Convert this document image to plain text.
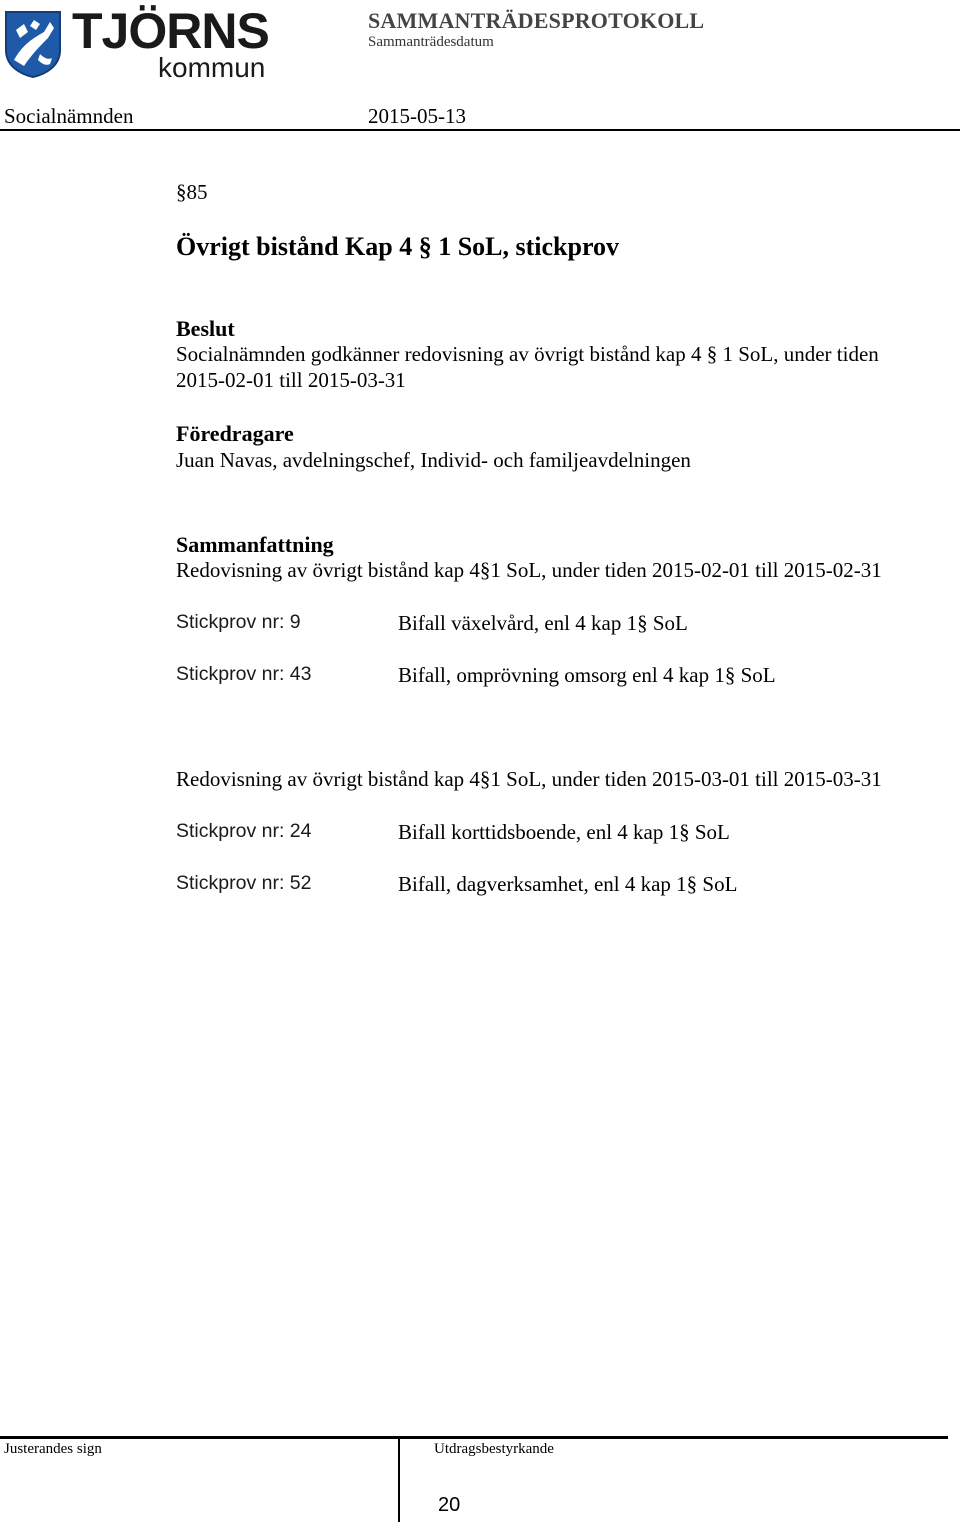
TJÖRNS
kommun
SAMMANTRÄDESPROTOKOLL
Sammanträdesdatum
Socialnämnden	2015-05-13
§85
Övrigt bistånd Kap 4 § 1 SoL, stickprov
Beslut
Socialnämnden godkänner redovisning av övrigt bistånd kap 4 § 1 SoL, under tiden
2015-02-01 till 2015-03-31
Föredragare
Juan Navas, avdelningschef, Individ- och familjeavdelningen
Sammanfattning
Redovisning av övrigt bistånd kap 4§1 SoL, under tiden 2015-02-01 till 2015-02-31
Stickprov nr: 9	Bifall växelvård, enl 4 kap 1§ SoL
Stickprov nr: 43	Bifall, omprövning omsorg enl 4 kap 1§ SoL
Redovisning av övrigt bistånd kap 4§1 SoL, under tiden 2015-03-01 till 2015-03-31
Stickprov nr: 24	Bifall korttidsboende, enl 4 kap 1§ SoL
Stickprov nr: 52	Bifall, dagverksamhet, enl 4 kap 1§ SoL
Justerandes sign	Utdragsbestyrkande
20
